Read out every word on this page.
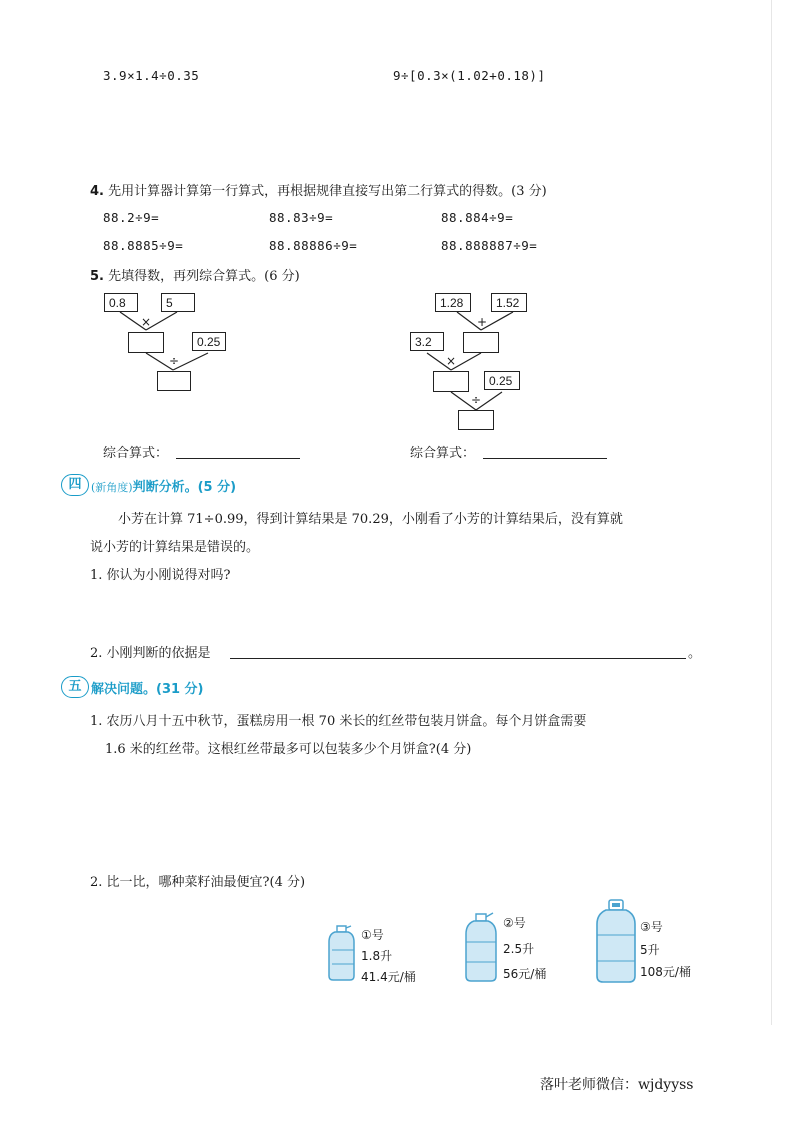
3.9×1.4÷0.35	9÷[0.3×(1.02+0.18)]
4. 先用计算器计算第一行算式，再根据规律直接写出第二行算式的得数。(3 分)
88.2÷9=	88.83÷9=	88.884÷9=
88.8885÷9=	88.88886÷9=	88.888887÷9=
5. 先填得数，再列综合算式。(6 分)
0.8	5
×
0.25
÷
1.28	1.52
+
3.2
×
0.25
÷
综合算式：	综合算式：
四 (新角度)判断分析。(5 分)
小芳在计算 71÷0.99，得到计算结果是 70.29，小刚看了小芳的计算结果后，没有算就
说小芳的计算结果是错误的。
1. 你认为小刚说得对吗?
2. 小刚判断的依据是	。
五 解决问题。(31 分)
1. 农历八月十五中秋节，蛋糕房用一根 70 米长的红丝带包装月饼盒。每个月饼盒需要
1.6 米的红丝带。这根红丝带最多可以包装多少个月饼盒?(4 分)
2. 比一比，哪种菜籽油最便宜?(4 分)
①号
1.8升
41.4元/桶
②号
2.5升
56元/桶
③号
5升
108元/桶
落叶老师微信：wjdyyss
